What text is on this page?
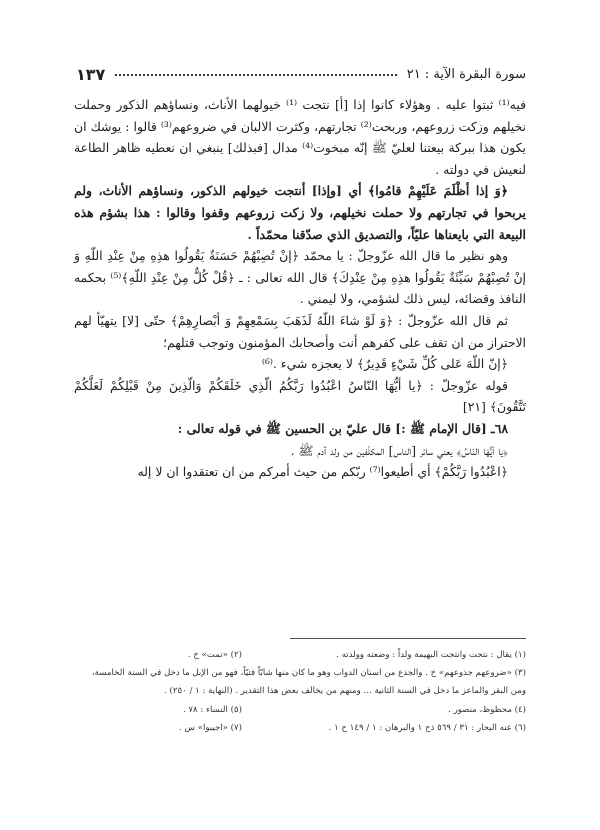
سورة البقرة الآية : ٢١
١٣٧

فيه⁽¹⁾ ثبتوا عليه . وهؤلاء كانوا إذا [أ] نتجت ⁽¹⁾ خيولهما الأناث، ونساؤهم الذكور وحملت نخيلهم وزكت زروعهم، وربحت⁽²⁾ تجارتهم، وكثرت الالبان في ضروعهم⁽³⁾ قالوا : يوشك ان يكون هذا ببركة بيعتنا لعليّ ﷺ إنّه مبخوت⁽⁴⁾ مدال [فبذلك] ينبغي ان نعطيه ظاهر الطاعة لنعيش في دولته .

﴿وَ إذا أظْلَمَ عَلَيْهِمْ قامُوا﴾ أي [وإذا] أنتجت خيولهم الذكور، ونساؤهم الأناث، ولم يربحوا في تجارتهم ولا حملت نخيلهم، ولا زكت زروعهم وقفوا وقالوا : هذا بشؤم هذه البيعة التي بايعناها عليّاً، والتصديق الذي صدّقنا محمّداً .

وهو نظير ما قال الله عزّوجلّ : يا محمّد ﴿إنْ تُصِبْهُمْ حَسَنَةٌ يَقُولُوا هذِهِ مِنْ عِنْدِ اللّهِ وَ إنْ تُصِبْهُمْ سَيِّئَةٌ يَقُولُوا هذِهِ مِنْ عِنْدِكَ﴾ قال الله تعالى : ـ ﴿قُلْ كُلٌّ مِنْ عِنْدِ اللّهِ﴾⁽⁵⁾ بحكمه النافذ وقضائه، ليس ذلك لشؤمي، ولا ليمني .

ثم قال الله عزّوجلّ : ﴿وَ لَوْ شاءَ اللّهُ لَذَهَبَ بِسَمْعِهِمْ وَ أبْصارِهِمْ﴾ حتّى [لا] يتهيّأ لهم الاحتراز من ان تقف على كفرهم أنت وأصحابك المؤمنون وتوجب قتلهم؛

﴿إنّ اللّهَ عَلى كُلِّ شَيْءٍ قَدِيرٌ﴾ لا يعجزه شيء .⁽⁶⁾

قوله عزّوجلّ : ﴿يا أيُّهَا النّاسُ اعْبُدُوا رَبَّكُمُ الّذِي خَلَقَكُمْ وَالّذِينَ مِنْ قَبْلِكُمْ لَعَلَّكُمْ تَتَّقُونَ﴾ [٢١]

٦٨ـ [قال الإمام ﷺ :] قال عليّ بن الحسين ﷺ في قوله تعالى :

﴿يا أيُّهَا النّاسُ﴾ يعني سائر [الناس] المكلّفين من ولد آدم ﷺ .

﴿اعْبُدُوا رَبَّكُمْ﴾ أي أطيعوا⁽⁷⁾ ربّكم من حيث أمركم من ان تعتقدوا ان لا إله

(١) يقال : نتجت وانتجت البهيمة ولداً : وضعته وولدته .
(٢) «نمت» خ .

(٣) «ضروعهم جذوعهم» خ . والجذع من اسنان الدواب وهو ما كان منها شابّاً فتيّاً، فهو من الإبل ما دخل في السنة الخامسة، ومن البقر والماعز ما دخل في السنة الثانية ... ومنهم من يخالف بعض هذا التقدير . (النهاية : ١ / ٢٥٠) .

(٤) محظوظ، منصور .
(٥) النساء : ٧٨ .
(٦) عنه البحار : ٣١ / ٥٦٩ ذح ١ والبرهان : ١ / ١٤٩ ح ١ .
(٧) «اجيبوا» س .
